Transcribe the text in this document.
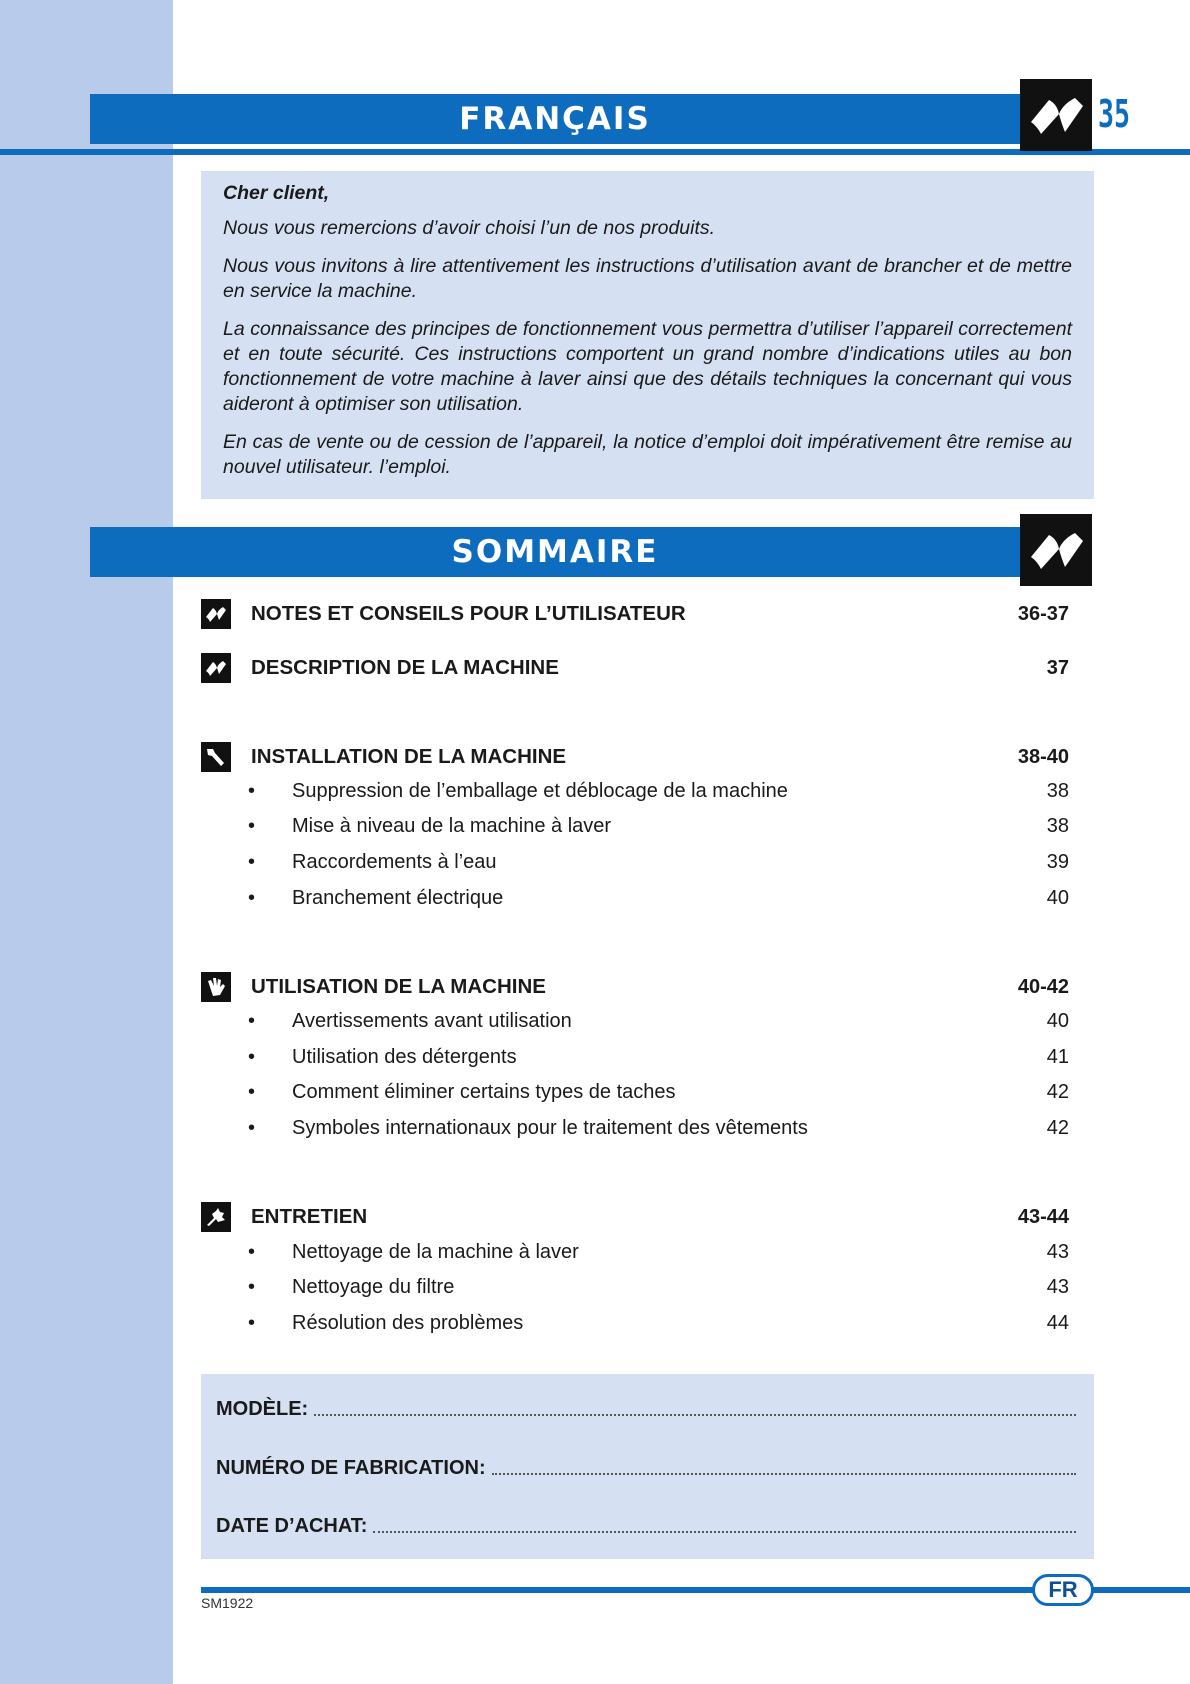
FRANÇAIS	35

Cher client,

Nous vous remercions d’avoir choisi l’un de nos produits.

Nous vous invitons à lire attentivement les instructions d’utilisation avant de brancher et de mettre en service la machine.

La connaissance des principes de fonctionnement vous permettra d’utiliser l’appareil correctement et en toute sécurité. Ces instructions comportent un grand nombre d’indications utiles au bon fonctionnement de votre machine à laver ainsi que des détails techniques la concernant qui vous aideront à optimiser son utilisation.

En cas de vente ou de cession de l’appareil, la notice d’emploi doit impérativement être remise au nouvel utilisateur. l’emploi.

SOMMAIRE
NOTES ET CONSEILS POUR L’UTILISATEUR	36-37
DESCRIPTION DE LA MACHINE	37
INSTALLATION DE LA MACHINE	38-40
•	Suppression de l’emballage et déblocage de la machine	38
•	Mise à niveau de la machine à laver	38
•	Raccordements à l’eau	39
•	Branchement électrique	40
UTILISATION DE LA MACHINE	40-42
•	Avertissements avant utilisation	40
•	Utilisation des détergents	41
•	Comment éliminer certains types de taches	42
•	Symboles internationaux pour le traitement des vêtements	42
ENTRETIEN	43-44
•	Nettoyage de la machine à laver	43
•	Nettoyage du filtre	43
•	Résolution des problèmes	44
MODÈLE:
NUMÉRO DE FABRICATION:
DATE D’ACHAT:
FR
SM1922
